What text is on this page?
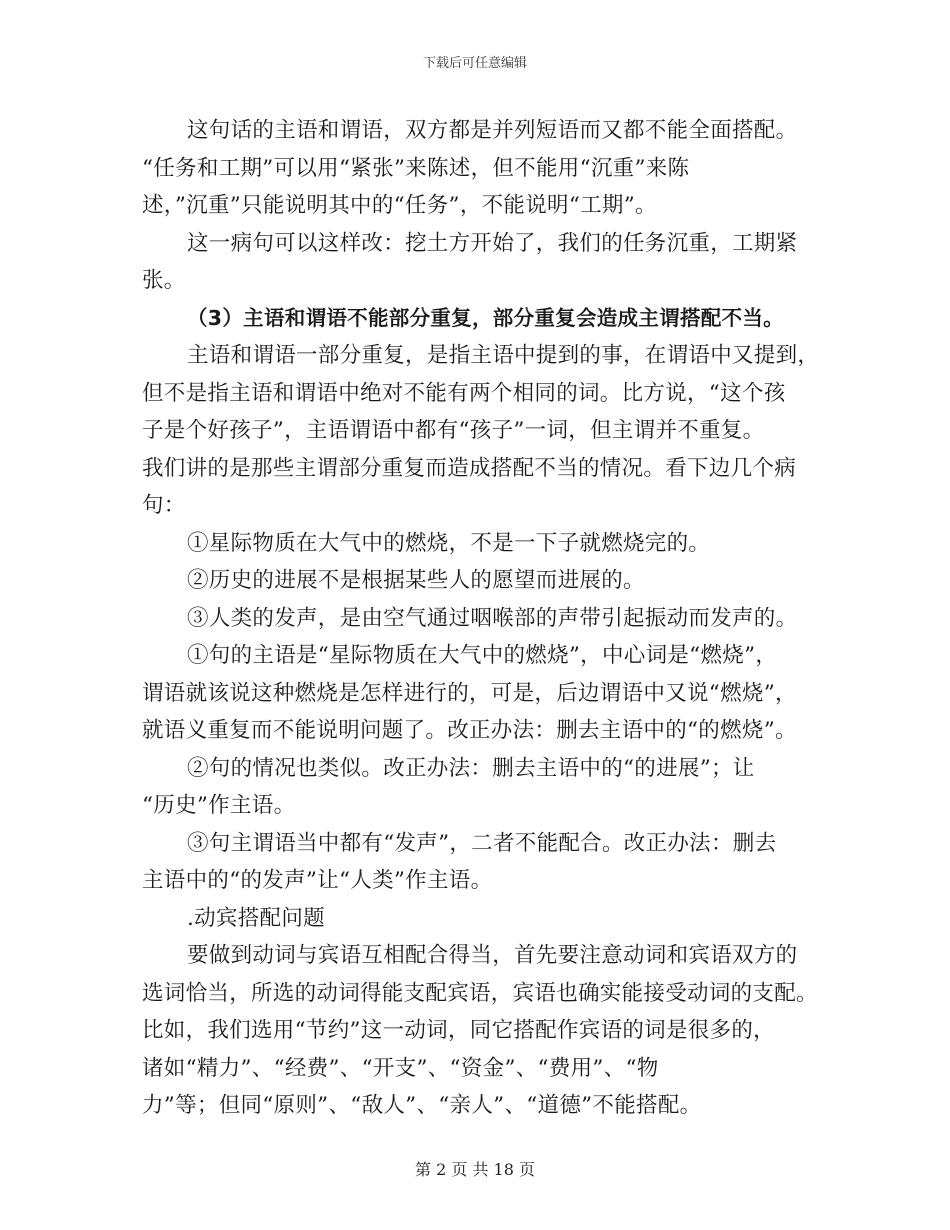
下载后可任意编辑

这句话的主语和谓语，双方都是并列短语而又都不能全面搭配。

“任务和工期”可以用“紧张”来陈述，但不能用“沉重”来陈

述，”沉重”只能说明其中的“任务”，不能说明“工期”。

这一病句可以这样改：挖土方开始了，我们的任务沉重，工期紧

张。

（3）主语和谓语不能部分重复，部分重复会造成主谓搭配不当。

主语和谓语一部分重复，是指主语中提到的事，在谓语中又提到，

但不是指主语和谓语中绝对不能有两个相同的词。比方说，“这个孩

子是个好孩子”，主语谓语中都有“孩子”一词，但主谓并不重复。

我们讲的是那些主谓部分重复而造成搭配不当的情况。看下边几个病

句：

①星际物质在大气中的燃烧，不是一下子就燃烧完的。

②历史的进展不是根据某些人的愿望而进展的。

③人类的发声，是由空气通过咽喉部的声带引起振动而发声的。

①句的主语是“星际物质在大气中的燃烧”，中心词是“燃烧”，

谓语就该说这种燃烧是怎样进行的，可是，后边谓语中又说“燃烧”，

就语义重复而不能说明问题了。改正办法：删去主语中的“的燃烧”。

②句的情况也类似。改正办法：删去主语中的“的进展”；让

“历史”作主语。

③句主谓语当中都有“发声”，二者不能配合。改正办法：删去

主语中的“的发声”让“人类”作主语。

.动宾搭配问题

要做到动词与宾语互相配合得当，首先要注意动词和宾语双方的

选词恰当，所选的动词得能支配宾语，宾语也确实能接受动词的支配。

比如，我们选用“节约”这一动词，同它搭配作宾语的词是很多的，

诸如“精力”、“经费”、“开支”、“资金”、“费用”、“物

力”等；但同“原则”、“敌人”、“亲人”、“道德”不能搭配。

第 2 页 共 18 页
